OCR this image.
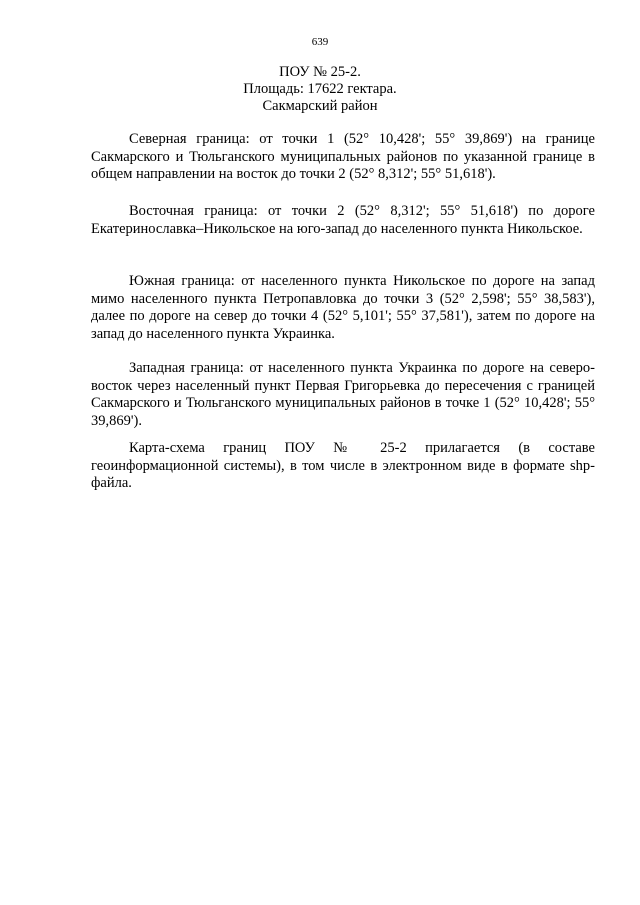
639
ПОУ № 25-2.
Площадь: 17622 гектара.
Сакмарский район

Северная граница: от точки 1 (52° 10,428'; 55° 39,869') на границе Сакмарского и Тюльганского муниципальных районов по указанной границе в общем направлении на восток до точки 2 (52° 8,312'; 55° 51,618').

Восточная граница: от точки 2 (52° 8,312'; 55° 51,618') по дороге Екатеринославка–Никольское на юго-запад до населенного пункта Никольское.

Южная граница: от населенного пункта Никольское по дороге на запад мимо населенного пункта Петропавловка до точки 3 (52° 2,598'; 55° 38,583'), далее по дороге на север до точки 4 (52° 5,101'; 55° 37,581'), затем по дороге на запад до населенного пункта Украинка.

Западная граница: от населенного пункта Украинка по дороге на северо-восток через населенный пункт Первая Григорьевка до пересечения с границей Сакмарского и Тюльганского муниципальных районов в точке 1 (52° 10,428'; 55° 39,869').

Карта-схема границ ПОУ № 25-2 прилагается (в составе геоинформационной системы), в том числе в электронном виде в формате shp-файла.
